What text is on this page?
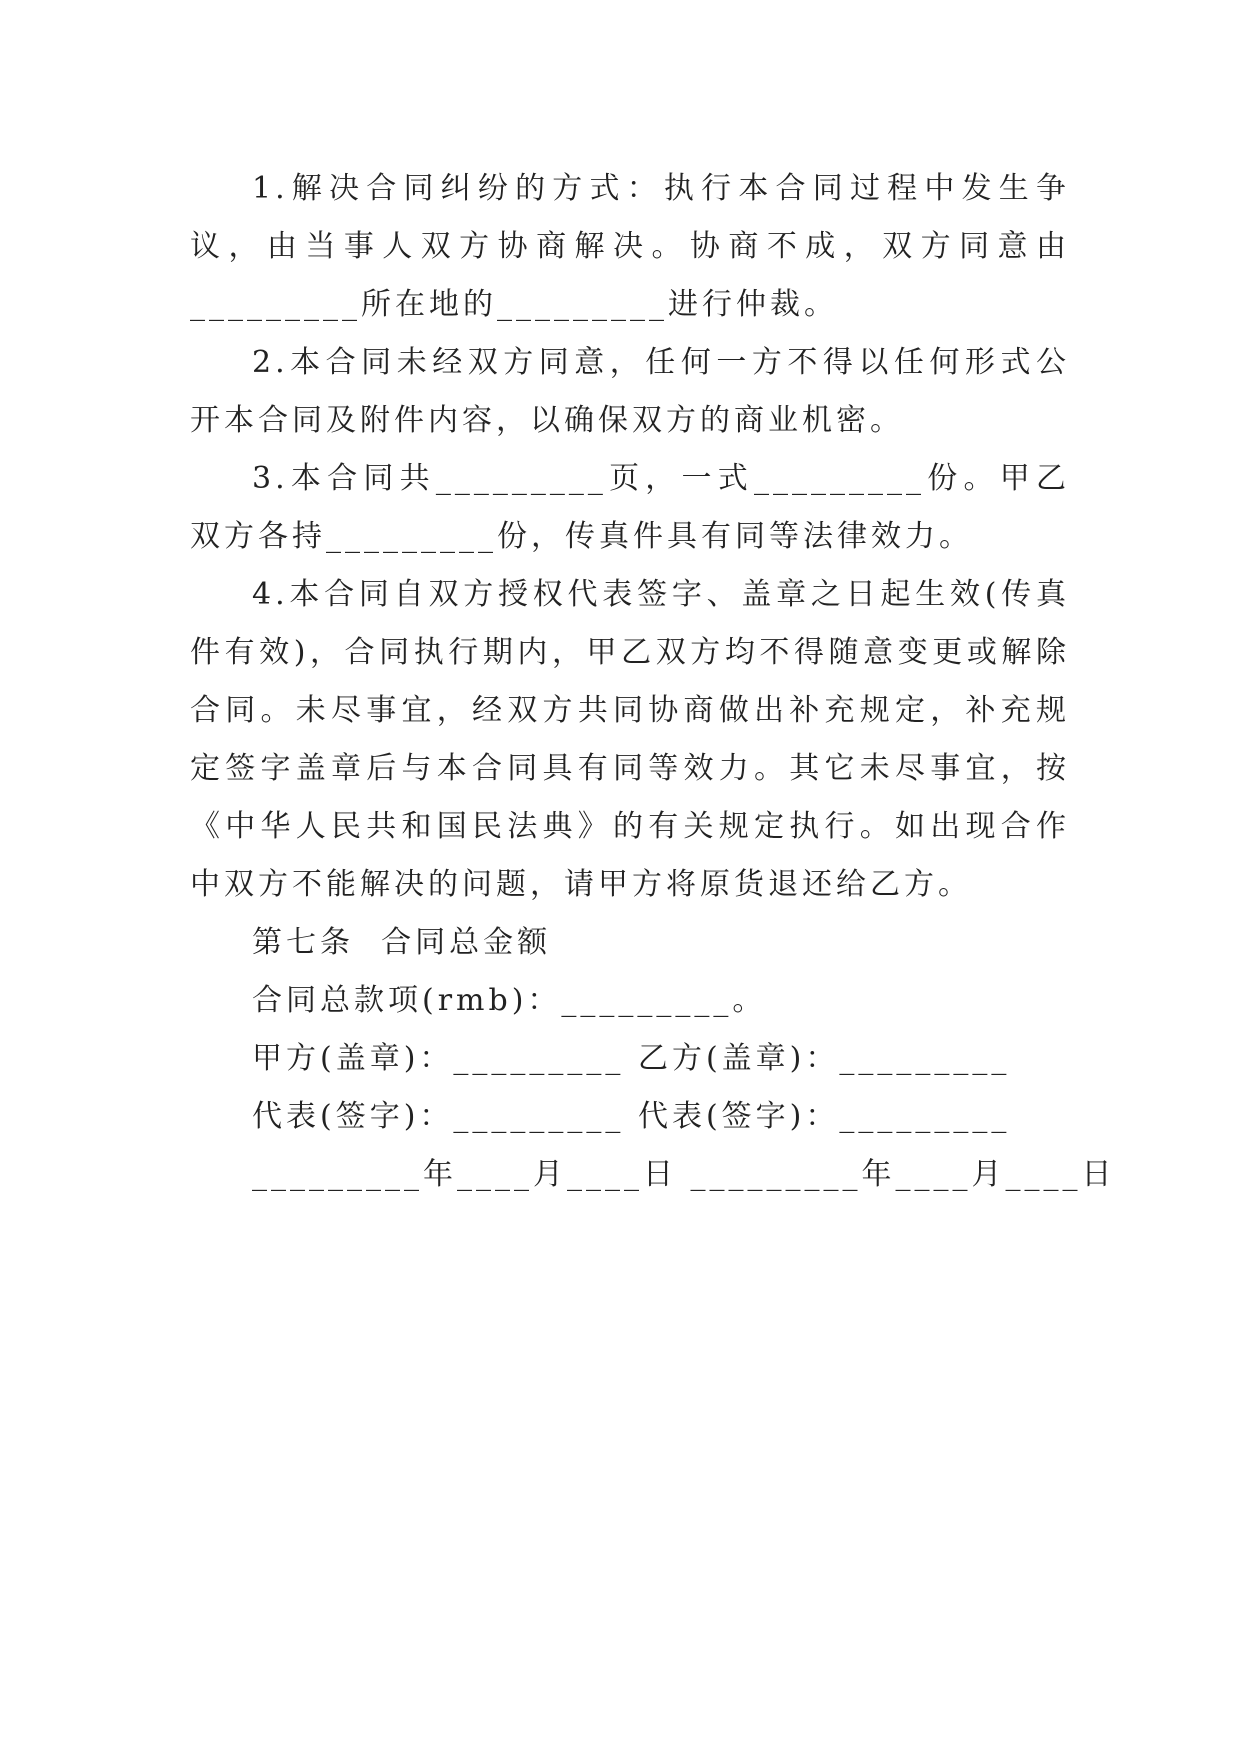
1.解决合同纠纷的方式：执行本合同过程中发生争议，由当事人双方协商解决。协商不成，双方同意由_________所在地的_________进行仲裁。

2.本合同未经双方同意，任何一方不得以任何形式公开本合同及附件内容，以确保双方的商业机密。

3.本合同共_________页，一式_________份。甲乙双方各持_________份，传真件具有同等法律效力。

4.本合同自双方授权代表签字、盖章之日起生效(传真件有效)，合同执行期内，甲乙双方均不得随意变更或解除合同。未尽事宜，经双方共同协商做出补充规定，补充规定签字盖章后与本合同具有同等效力。其它未尽事宜，按《中华人民共和国民法典》的有关规定执行。如出现合作中双方不能解决的问题，请甲方将原货退还给乙方。

第七条  合同总金额

合同总款项(rmb)：_________。

甲方(盖章)：_________ 乙方(盖章)：_________

代表(签字)：_________ 代表(签字)：_________

_________年____月____日 _________年____月____日
